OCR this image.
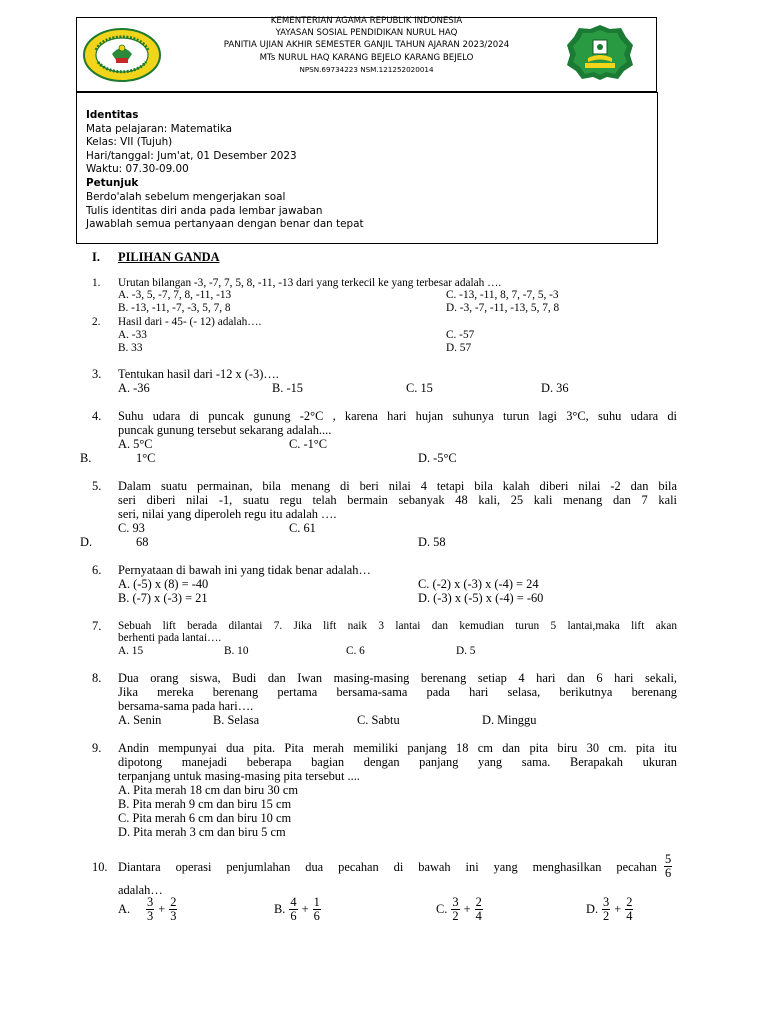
KEMENTERIAN AGAMA REPUBLIK INDONESIA
YAYASAN SOSIAL PENDIDIKAN NURUL HAQ
PANITIA UJIAN AKHIR SEMESTER GANJIL TAHUN AJARAN 2023/2024
MTs NURUL HAQ KARANG BEJELO KARANG BEJELO
NPSN.69734223 NSM.121252020014
Identitas
Mata pelajaran: Matematika
Kelas: VII (Tujuh)
Hari/tanggal: Jum'at, 01 Desember 2023
Waktu: 07.30-09.00
Petunjuk
Berdo'alah sebelum mengerjakan soal
Tulis identitas diri anda pada lembar jawaban
Jawablah semua pertanyaan dengan benar dan tepat
I. PILIHAN GANDA
1. Urutan bilangan -3, -7, 7, 5, 8, -11, -13 dari yang terkecil ke yang terbesar adalah ….
A. -3, 5, -7, 7, 8, -11, -13
B. -13, -11, -7, -3, 5, 7, 8
C. -13, -11, 8, 7, -7, 5, -3
D. -3, -7, -11, -13, 5, 7, 8
2. Hasil dari - 45- (- 12) adalah….
A. -33
B. 33
C. -57
D. 57
3. Tentukan hasil dari -12 x (-3)….
A. -36	B. -15	C. 15	D. 36
4. Suhu udara di puncak gunung -2°C , karena hari hujan suhunya turun lagi 3°C, suhu udara di
puncak gunung tersebut sekarang adalah....
A. 5°C	C. -1°C
B.	1°C	D. -5°C
5. Dalam suatu permainan, bila menang di beri nilai 4 tetapi bila kalah diberi nilai -2 dan bila
seri diberi nilai -1, suatu regu telah bermain sebanyak 48 kali, 25 kali menang dan 7 kali
seri, nilai yang diperoleh regu itu adalah ….
C. 93	C. 61
D.	68	D. 58
6. Pernyataan di bawah ini yang tidak benar adalah…
A. (-5) x (8) = -40
B. (-7) x (-3) = 21
C. (-2) x (-3) x (-4) = 24
D. (-3) x (-5) x (-4) = -60
7. Sebuah lift berada dilantai 7. Jika lift naik 3 lantai dan kemudian turun 5 lantai,maka lift akan
berhenti pada lantai….
A. 15	B. 10	C. 6	D. 5
8. Dua orang siswa, Budi dan Iwan masing-masing berenang setiap 4 hari dan 6 hari sekali,
Jika mereka berenang pertama bersama-sama pada hari selasa, berikutnya berenang
bersama-sama pada hari….
A. Senin	B. Selasa	C. Sabtu	D. Minggu
9. Andin mempunyai dua pita. Pita merah memiliki panjang 18 cm dan pita biru 30 cm. pita itu
dipotong manejadi beberapa bagian dengan panjang yang sama. Berapakah ukuran
terpanjang untuk masing-masing pita tersebut ....
A. Pita merah 18 cm dan biru 30 cm
B. Pita merah 9 cm dan biru 15 cm
C. Pita merah 6 cm dan biru 10 cm
D. Pita merah 3 cm dan biru 5 cm
10. Diantara operasi penjumlahan dua pecahan di bawah ini yang menghasilkan pecahan $\frac{5}{6}$
adalah…
A. $\frac{3}{3} + \frac{2}{3}$	B. $\frac{4}{6} + \frac{1}{6}$	C. $\frac{3}{2} + \frac{2}{4}$	D. $\frac{3}{2} + \frac{2}{4}$
